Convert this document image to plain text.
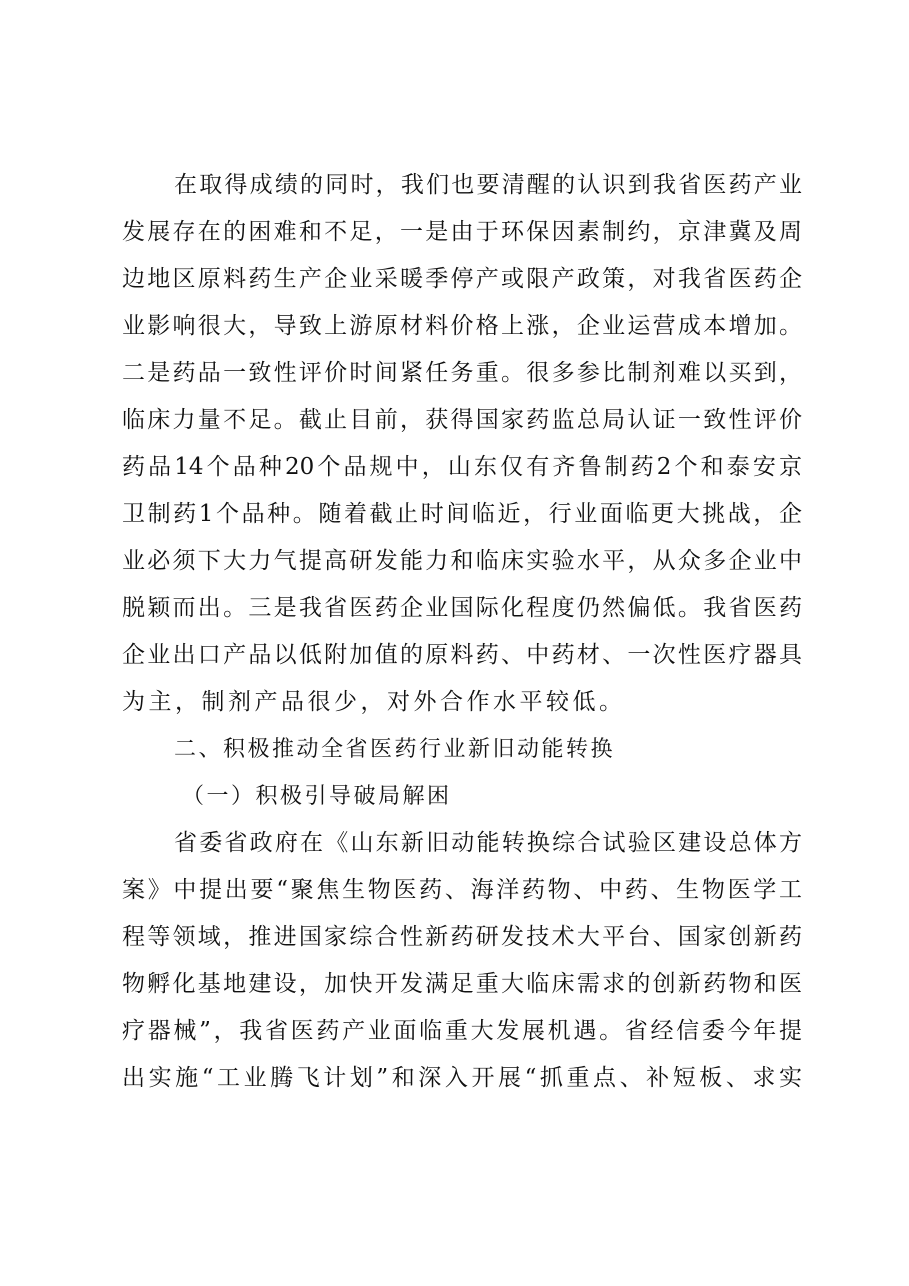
在取得成绩的同时，我们也要清醒的认识到我省医药产业
发展存在的困难和不足，一是由于环保因素制约，京津冀及周
边地区原料药生产企业采暖季停产或限产政策，对我省医药企
业影响很大，导致上游原材料价格上涨，企业运营成本增加。
二是药品一致性评价时间紧任务重。很多参比制剂难以买到，
临床力量不足。截止目前，获得国家药监总局认证一致性评价
药品14个品种20个品规中，山东仅有齐鲁制药2个和泰安京
卫制药1个品种。随着截止时间临近，行业面临更大挑战，企
业必须下大力气提高研发能力和临床实验水平，从众多企业中
脱颖而出。三是我省医药企业国际化程度仍然偏低。我省医药
企业出口产品以低附加值的原料药、中药材、一次性医疗器具
为主，制剂产品很少，对外合作水平较低。
二、积极推动全省医药行业新旧动能转换
（一）积极引导破局解困
省委省政府在《山东新旧动能转换综合试验区建设总体方
案》中提出要“聚焦生物医药、海洋药物、中药、生物医学工
程等领域，推进国家综合性新药研发技术大平台、国家创新药
物孵化基地建设，加快开发满足重大临床需求的创新药物和医
疗器械”，我省医药产业面临重大发展机遇。省经信委今年提
出实施“工业腾飞计划”和深入开展“抓重点、补短板、求实
